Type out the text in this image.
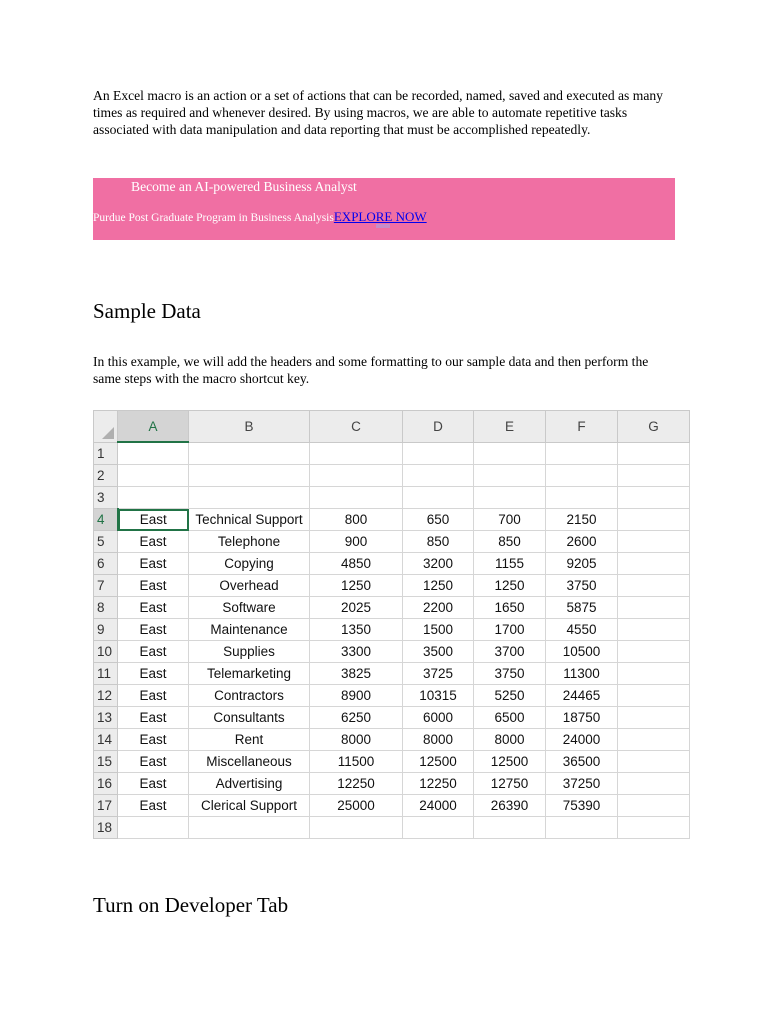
An Excel macro is an action or a set of actions that can be recorded, named, saved and executed as many times as required and whenever desired. By using macros, we are able to automate repetitive tasks associated with data manipulation and data reporting that must be accomplished repeatedly.

Become an AI-powered Business Analyst
Purdue Post Graduate Program in Business AnalysisEXPLORE NOW
Sample Data

In this example, we will add the headers and some formatting to our sample data and then perform the same steps with the macro shortcut key.

	A	B	C	D	E	F	G
1							
2							
3							
4	East	Technical Support	800	650	700	2150	
5	East	Telephone	900	850	850	2600	
6	East	Copying	4850	3200	1155	9205	
7	East	Overhead	1250	1250	1250	3750	
8	East	Software	2025	2200	1650	5875	
9	East	Maintenance	1350	1500	1700	4550	
10	East	Supplies	3300	3500	3700	10500	
11	East	Telemarketing	3825	3725	3750	11300	
12	East	Contractors	8900	10315	5250	24465	
13	East	Consultants	6250	6000	6500	18750	
14	East	Rent	8000	8000	8000	24000	
15	East	Miscellaneous	11500	12500	12500	36500	
16	East	Advertising	12250	12250	12750	37250	
17	East	Clerical Support	25000	24000	26390	75390	
18							
Turn on Developer Tab
